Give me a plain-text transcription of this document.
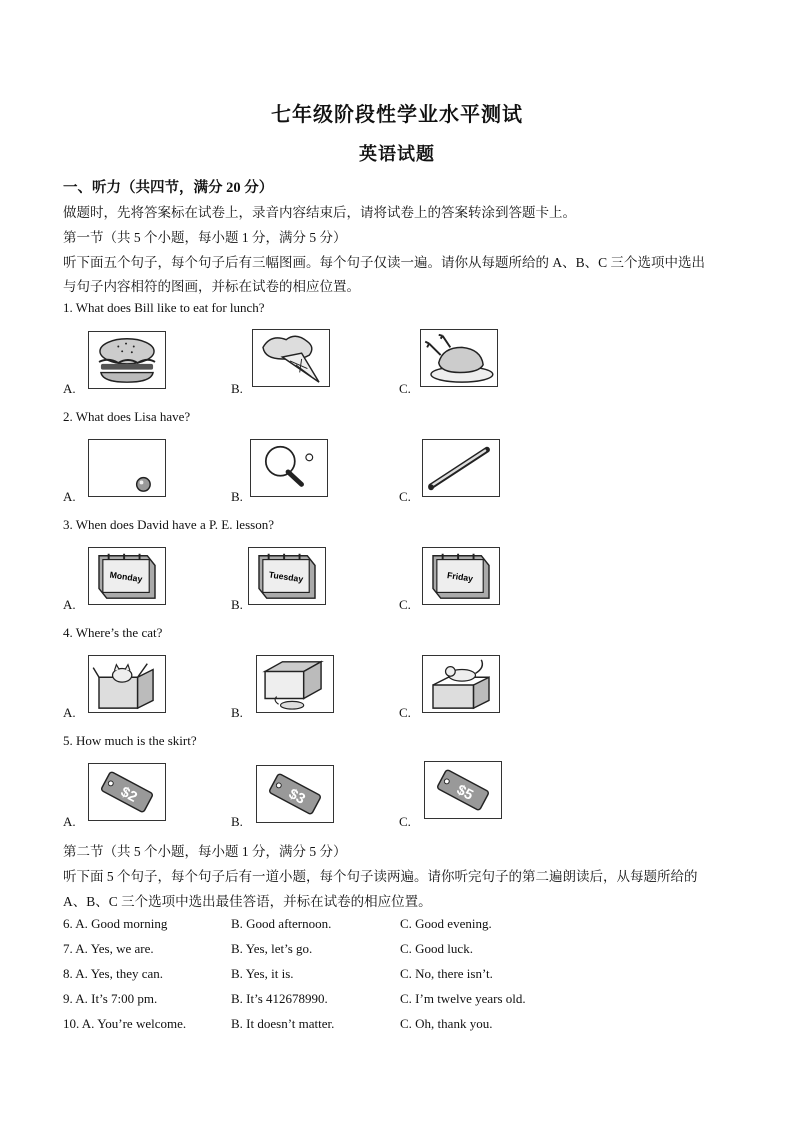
七年级阶段性学业水平测试
英语试题
一、听力（共四节，满分 20 分）
做题时，先将答案标在试卷上，录音内容结束后，请将试卷上的答案转涂到答题卡上。
第一节（共 5 个小题，每小题 1 分，满分 5 分）
听下面五个句子，每个句子后有三幅图画。每个句子仅读一遍。请你从每题所给的 A、B、C 三个选项中选出
与句子内容相符的图画，并标在试卷的相应位置。
1. What does Bill like to eat for lunch?
A.	B.	C.
2. What does Lisa have?
A.	B.	C.
3. When does David have a P. E. lesson?
A.
Monday
B.
Tuesday
C.
Friday
4. Where’s the cat?
A.	B.	C.
5. How much is the skirt?
A.
$2
B.
$3
C.
$5
第二节（共 5 个小题，每小题 1 分，满分 5 分）
听下面 5 个句子，每个句子后有一道小题，每个句子读两遍。请你听完句子的第二遍朗读后，从每题所给的
A、B、C 三个选项中选出最佳答语，并标在试卷的相应位置。
6. A. Good morning	B. Good afternoon.	C. Good evening.
7. A. Yes, we are.	B. Yes, let’s go.	C. Good luck.
8. A. Yes, they can.	B. Yes, it is.	C. No, there isn’t.
9. A. It’s 7:00 pm.	B. It’s 412678990.	C. I’m twelve years old.
10. A. You’re welcome.	B. It doesn’t matter.	C. Oh, thank you.
